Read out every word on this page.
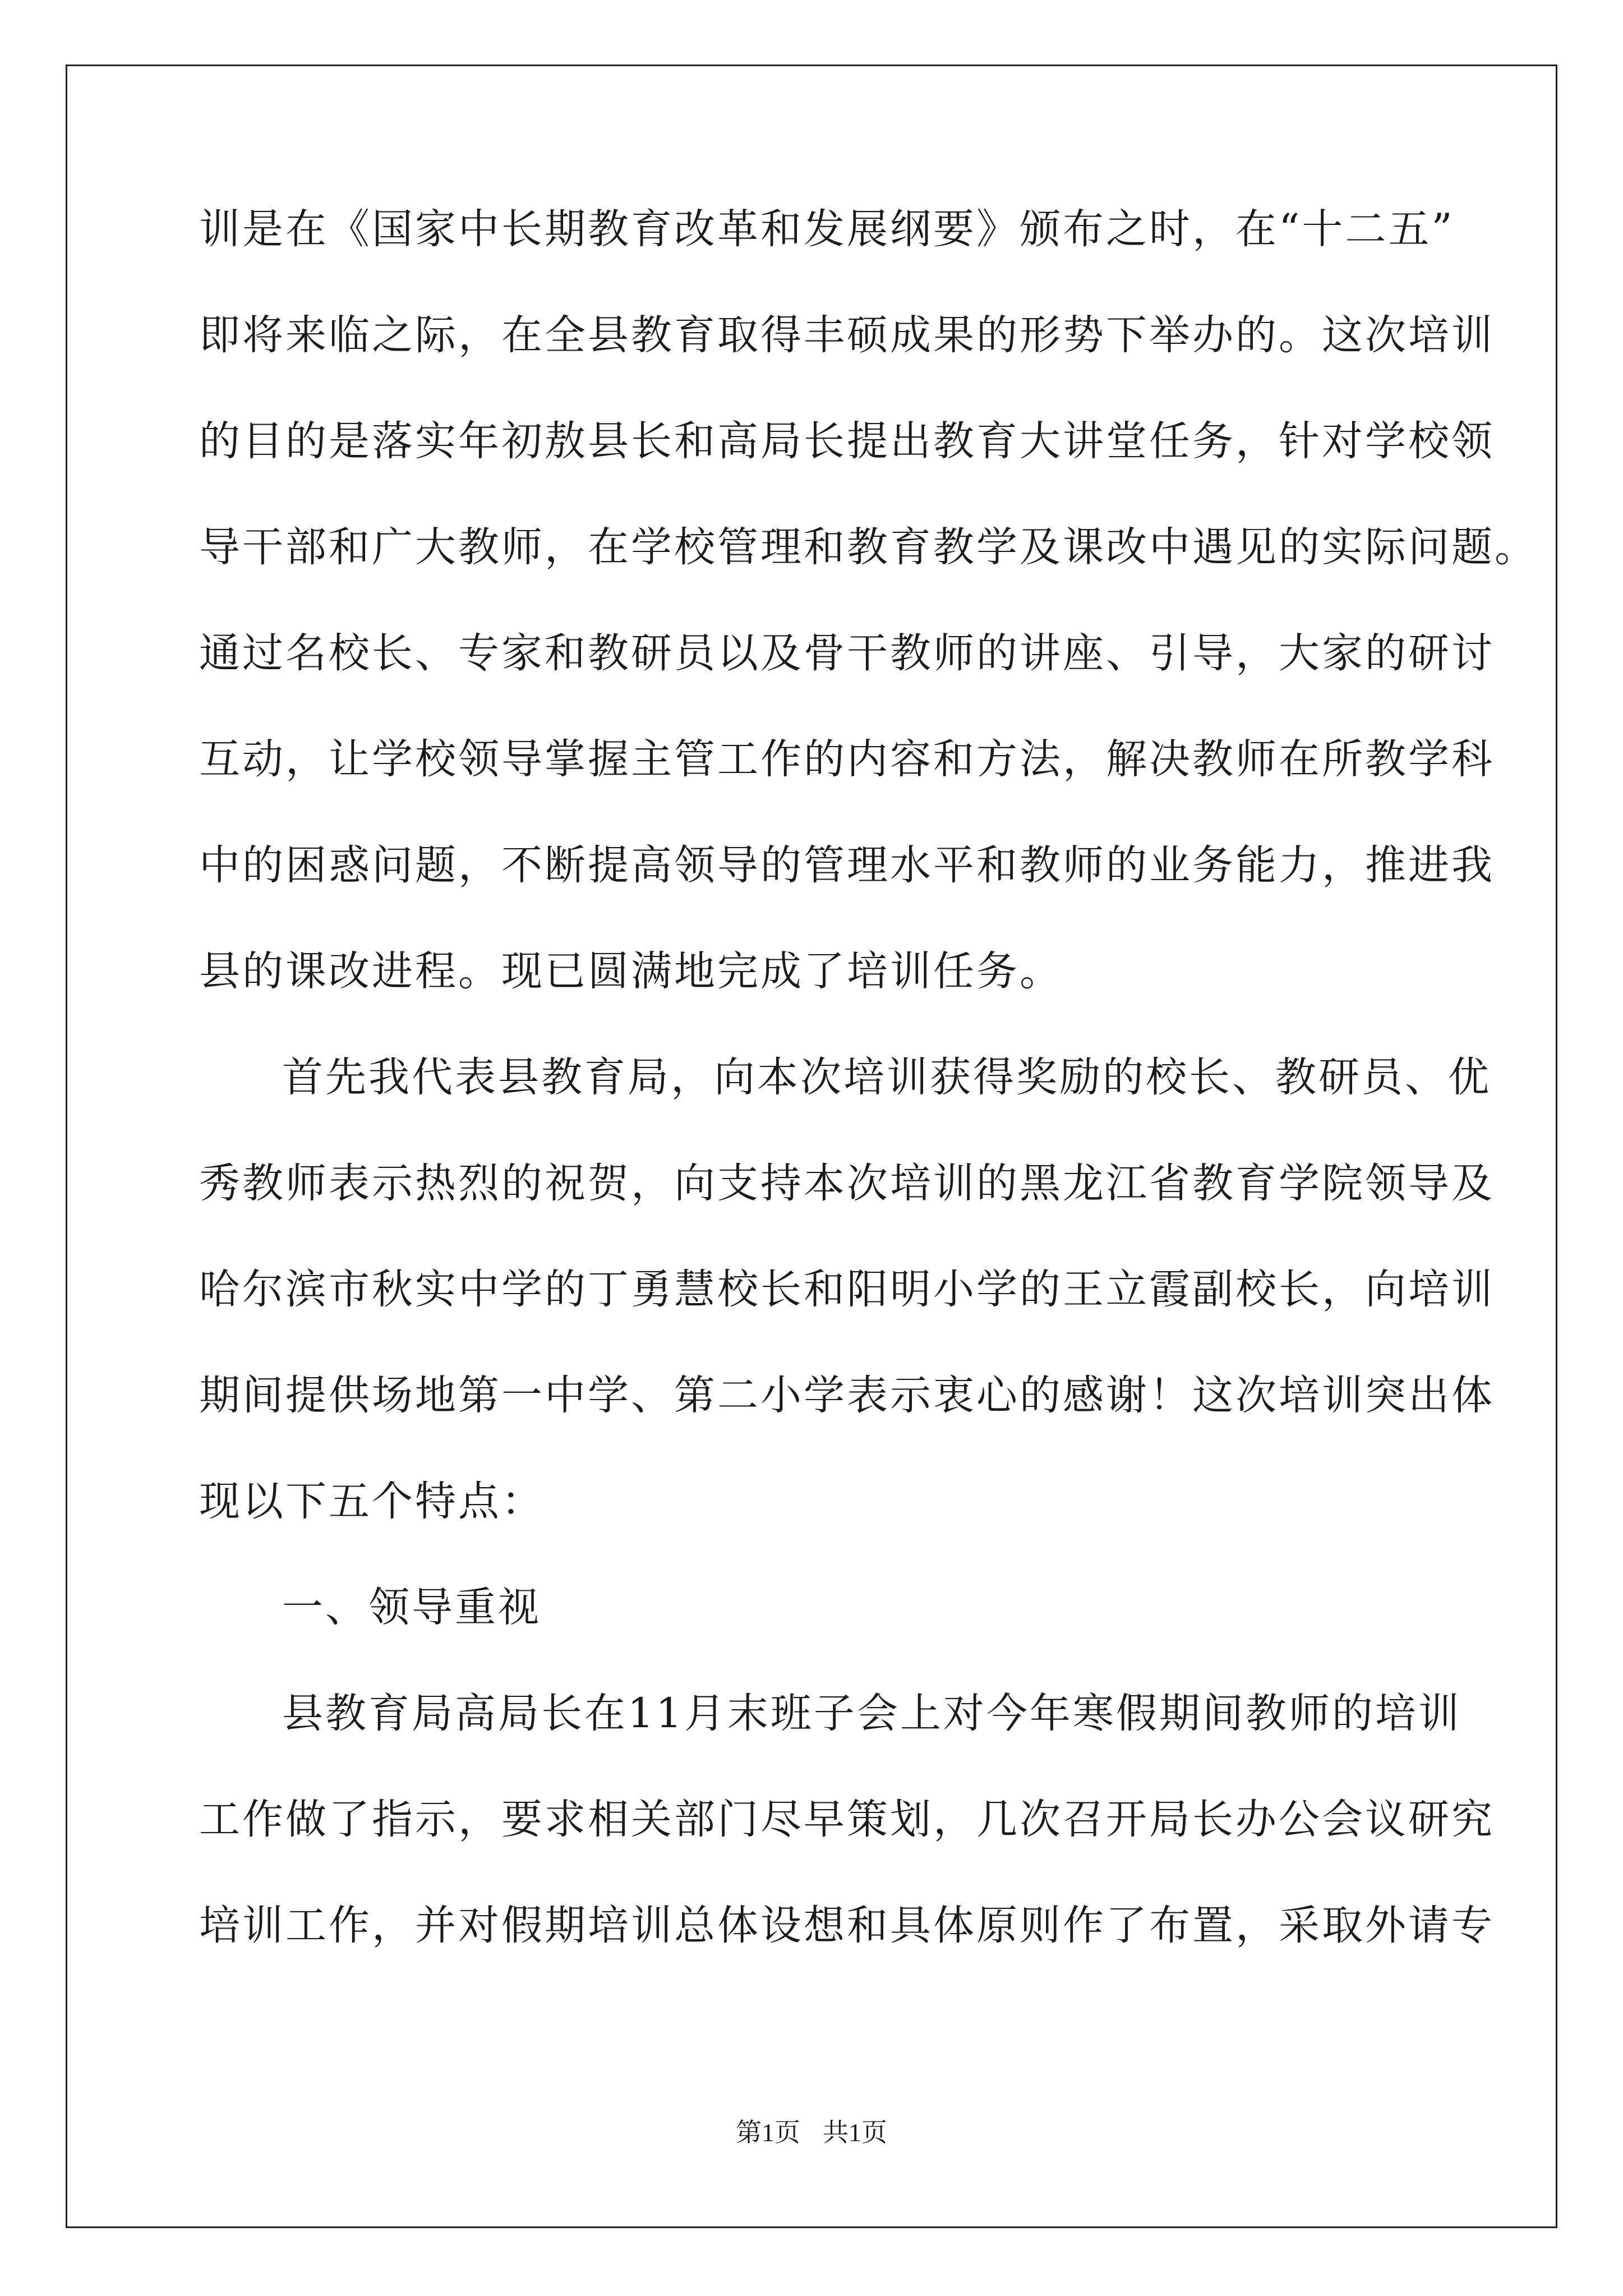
训是在《国家中长期教育改革和发展纲要》颁布之时，在“十二五”
即将来临之际，在全县教育取得丰硕成果的形势下举办的。这次培训
的目的是落实年初敖县长和高局长提出教育大讲堂任务，针对学校领
导干部和广大教师，在学校管理和教育教学及课改中遇见的实际问题。
通过名校长、专家和教研员以及骨干教师的讲座、引导，大家的研讨
互动，让学校领导掌握主管工作的内容和方法，解决教师在所教学科
中的困惑问题，不断提高领导的管理水平和教师的业务能力，推进我
县的课改进程。现已圆满地完成了培训任务。
首先我代表县教育局，向本次培训获得奖励的校长、教研员、优
秀教师表示热烈的祝贺，向支持本次培训的黑龙江省教育学院领导及
哈尔滨市秋实中学的丁勇慧校长和阳明小学的王立霞副校长，向培训
期间提供场地第一中学、第二小学表示衷心的感谢！这次培训突出体
现以下五个特点：
一、领导重视
县教育局高局长在11月末班子会上对今年寒假期间教师的培训
工作做了指示，要求相关部门尽早策划，几次召开局长办公会议研究
培训工作，并对假期培训总体设想和具体原则作了布置，采取外请专
第1页 共1页
